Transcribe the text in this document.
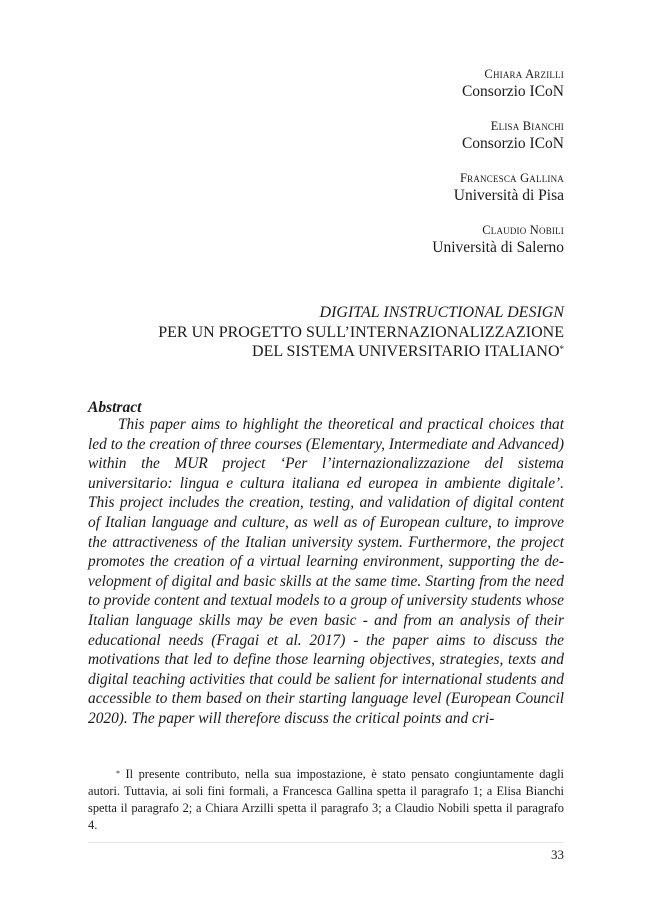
Chiara Arzilli
Consorzio ICoN
Elisa Bianchi
Consorzio ICoN
Francesca Gallina
Università di Pisa
Claudio Nobili
Università di Salerno
DIGITAL INSTRUCTIONAL DESIGN
PER UN PROGETTO SULL’INTERNAZIONALIZZAZIONE
DEL SISTEMA UNIVERSITARIO ITALIANO*
Abstract

This paper aims to highlight the theoretical and practical choices that led to the creation of three courses (Elementary, Intermediate and Advanced) within the MUR project ‘Per l’internazionalizzazione del sistema universitario: lingua e cultura italiana ed europea in ambiente digitale’. This project includes the creation, testing, and validation of digital content of Italian language and culture, as well as of European culture, to improve the attractiveness of the Italian university system. Furthermore, the project promotes the creation of a virtual learning environment, supporting the development of digital and basic skills at the same time. Starting from the need to provide content and textual models to a group of university students whose Italian language skills may be even basic - and from an analysis of their educational needs (Fragai et al. 2017) - the paper aims to discuss the motivations that led to define those learning objectives, strategies, texts and digital teaching activities that could be salient for international students and accessible to them based on their starting language level (European Council 2020). The paper will therefore discuss the critical points and cri-

* Il presente contributo, nella sua impostazione, è stato pensato congiuntamente dagli autori. Tuttavia, ai soli fini formali, a Francesca Gallina spetta il paragrafo 1; a Elisa Bianchi spetta il paragrafo 2; a Chiara Arzilli spetta il paragrafo 3; a Claudio Nobili spetta il paragrafo 4.

33
